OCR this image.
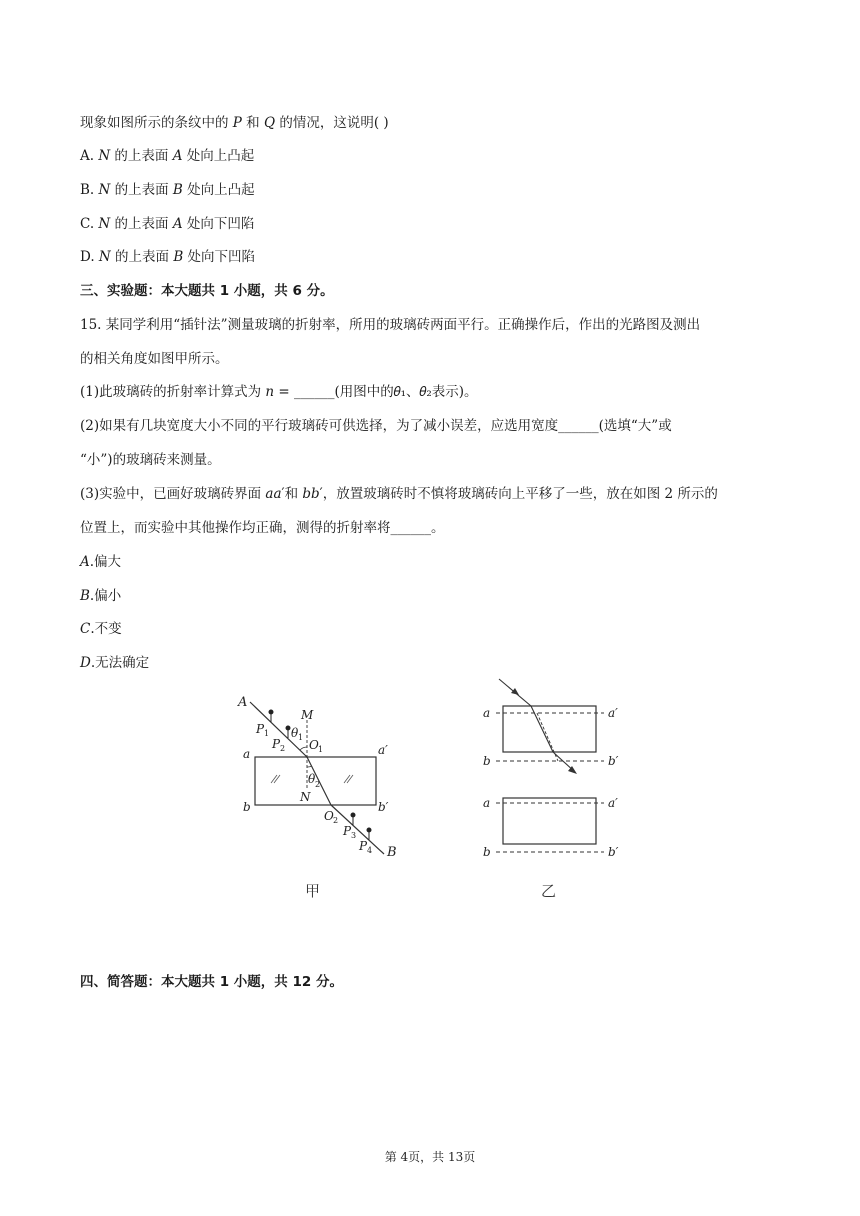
现象如图所示的条纹中的 𝑃 和 𝑄 的情况，这说明( )
A. 𝑁 的上表面 𝐴 处向上凸起
B. 𝑁 的上表面 𝐵 处向上凸起
C. 𝑁 的上表面 𝐴 处向下凹陷
D. 𝑁 的上表面 𝐵 处向下凹陷
三、实验题：本大题共 1 小题，共 6 分。
15. 某同学利用“插针法”测量玻璃的折射率，所用的玻璃砖两面平行。正确操作后，作出的光路图及测出
的相关角度如图甲所示。
(1)此玻璃砖的折射率计算式为 𝑛 = ______(用图中的𝜃₁、𝜃₂表示)。
(2)如果有几块宽度大小不同的平行玻璃砖可供选择，为了减小误差，应选用宽度______(选填“大”或
“小”)的玻璃砖来测量。
(3)实验中，已画好玻璃砖界面 𝑎𝑎′和 𝑏𝑏′，放置玻璃砖时不慎将玻璃砖向上平移了一些，放在如图 2 所示的
位置上，而实验中其他操作均正确，测得的折射率将______。
𝐴.偏大
𝐵.偏小
𝐶.不变
𝐷.无法确定
A
M
P 1
P 2
θ 1
O 1
a	a′
θ 2
N
b	b′
O 2
P 3
P 4 B
甲
a	a′
b	b′
a	a′
b	b′
乙
四、简答题：本大题共 1 小题，共 12 分。
第 4页，共 13页
